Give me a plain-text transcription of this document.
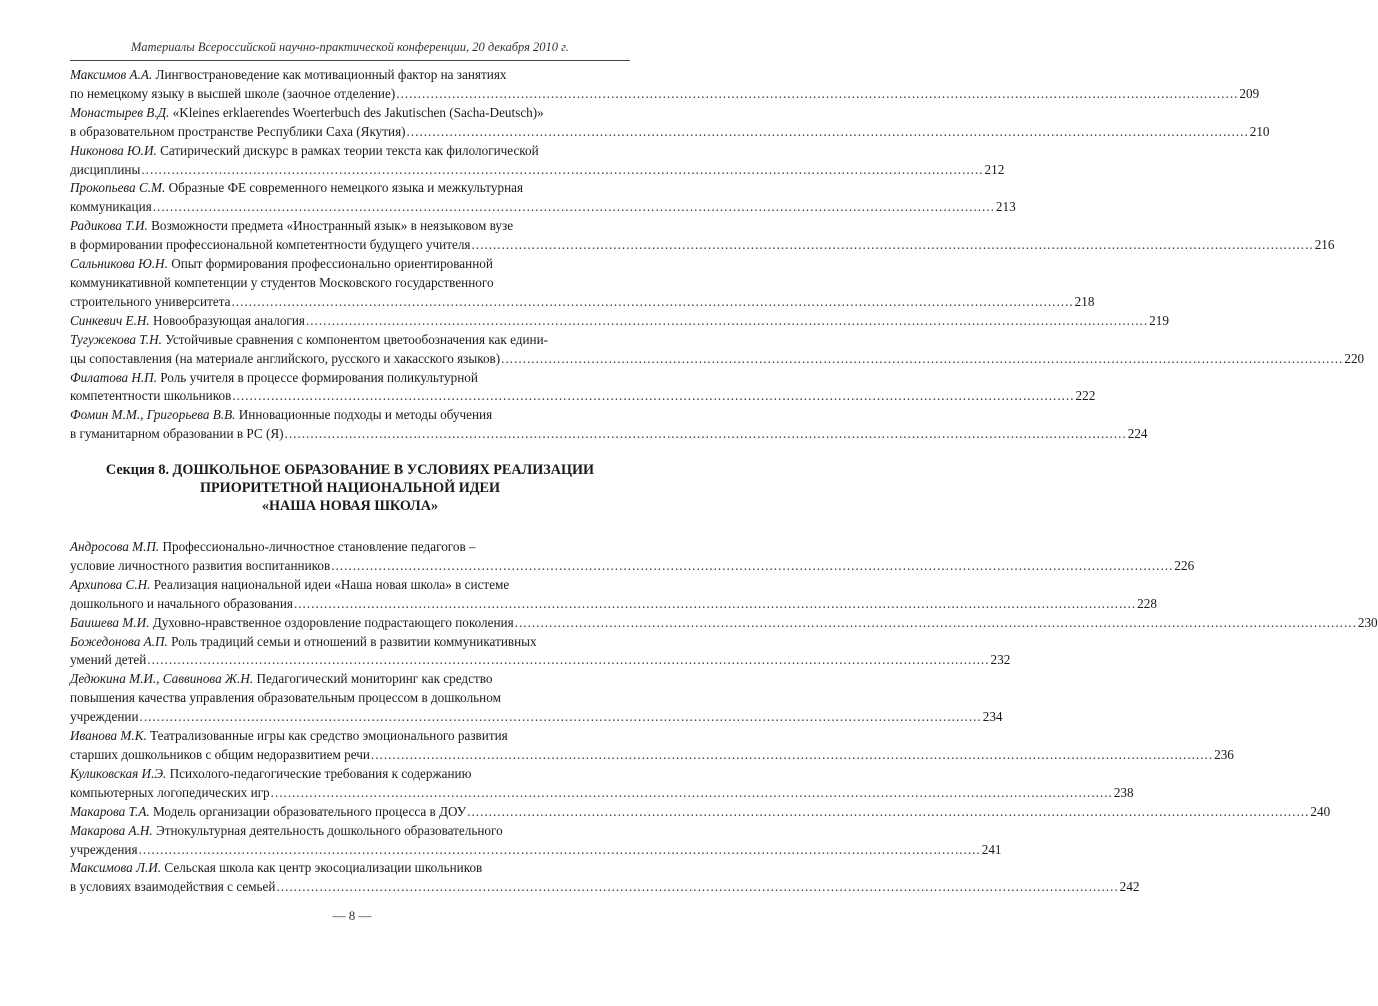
Материалы Всероссийской научно-практической конференции, 20 декабря 2010 г.
Максимов А.А. Лингвострановедение как мотивационный фактор на занятиях
по немецкому языку в высшей школе (заочное отделение) .....	209
Монастырев В.Д. «Kleines erklaerendes Woerterbuch des Jakutischen (Sacha-Deutsch)»
в образовательном пространстве Республики Саха (Якутия) .....	210
Никонова Ю.И. Сатирический дискурс в рамках теории текста как филологической
дисциплины .....	212
Прокопьева С.М. Образные ФЕ современного немецкого языка и межкультурная
коммуникация .....	213
Радикова Т.И. Возможности предмета «Иностранный язык» в неязыковом вузе
в формировании профессиональной компетентности будущего учителя .....	216
Сальникова Ю.Н. Опыт формирования профессионально ориентированной
коммуникативной компетенции у студентов Московского государственного
строительного университета .....	218
Синкевич Е.Н. Новообразующая аналогия .....	219
Тугужекова Т.Н. Устойчивые сравнения с компонентом цветообозначения как едини-
цы сопоставления (на материале английского, русского и хакасского языков) .....	220
Филатова Н.П. Роль учителя в процессе формирования поликультурной
компетентности школьников .....	222
Фомин М.М., Григорьева В.В. Инновационные подходы и методы обучения
в гуманитарном образовании в РС (Я) .....	224
Секция 8. ДОШКОЛЬНОЕ ОБРАЗОВАНИЕ В УСЛОВИЯХ РЕАЛИЗАЦИИ
ПРИОРИТЕТНОЙ НАЦИОНАЛЬНОЙ ИДЕИ
«НАША НОВАЯ ШКОЛА»
Андросова М.П. Профессионально-личностное становление педагогов –
условие личностного развития воспитанников .....	226
Архипова С.Н. Реализация национальной идеи «Наша новая школа» в системе
дошкольного и начального образования .....	228
Баишева М.И. Духовно-нравственное оздоровление подрастающего поколения .....	230
Божедонова А.П. Роль традиций семьи и отношений в развитии коммуникативных
умений детей .....	232
Дедюкина М.И., Саввинова Ж.Н. Педагогический мониторинг как средство
повышения качества управления образовательным процессом в дошкольном
учреждении .....	234
Иванова М.К. Театрализованные игры как средство эмоционального развития
старших дошкольников с общим недоразвитием речи .....	236
Куликовская И.Э. Психолого-педагогические требования к содержанию
компьютерных логопедических игр .....	238
Макарова Т.А. Модель организации образовательного процесса в ДОУ .....	240
Макарова А.Н. Этнокультурная деятельность дошкольного образовательного
учреждения .....	241
Максимова Л.И. Сельская школа как центр экосоциализации школьников
в условиях взаимодействия с семьей .....	242
— 8 —
